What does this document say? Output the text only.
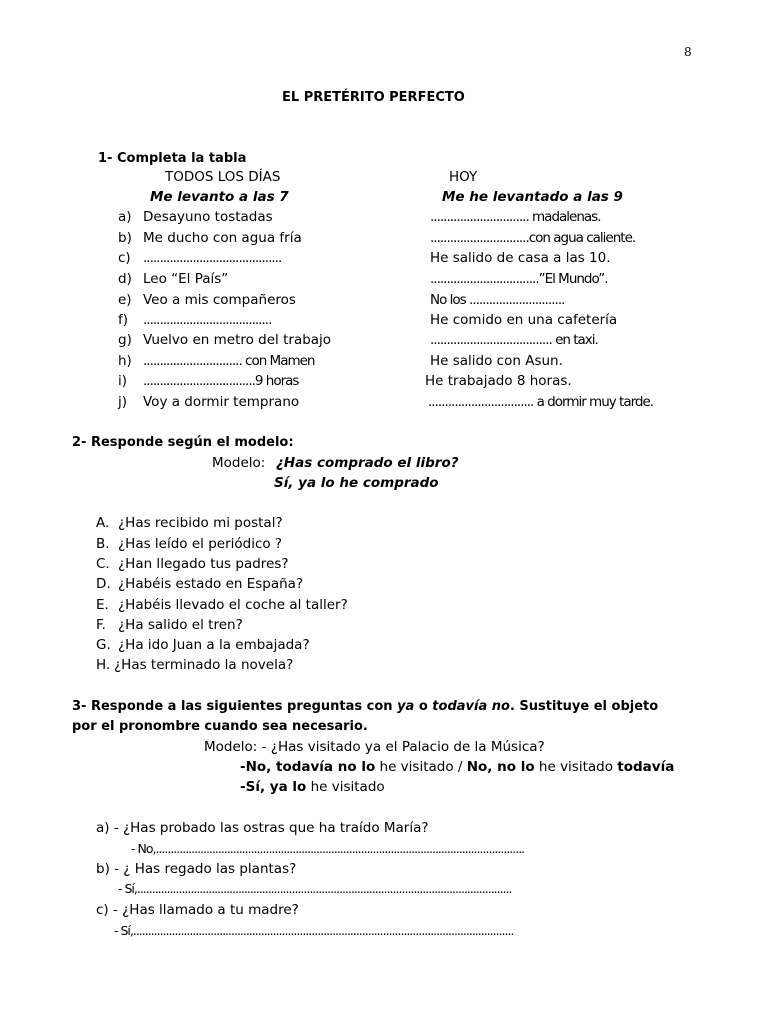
8
EL PRETÉRITO PERFECTO
1- Completa la tabla
TODOS LOS DÍAS	HOY
Me levanto a las 7	Me he levantado a las 9
a) Desayuno tostadas	.............................. madalenas.
b) Me ducho con agua fría	..............................con agua caliente.
c) ..........................................	He salido de casa a las 10.
d) Leo “El País”	.................................”El Mundo”.
e) Veo a mis compañeros	No los .............................
f) .......................................	He comido en una cafetería
g) Vuelvo en metro del trabajo	..................................... en taxi.
h) .............................. con Mamen	He salido con Asun.
i) ..................................9 horas	He trabajado 8 horas.
j) Voy a dormir temprano	................................ a dormir muy tarde.
2- Responde según el modelo:
Modelo: ¿Has comprado el libro?
Sí, ya lo he comprado
A. ¿Has recibido mi postal?
B. ¿Has leído el periódico ?
C. ¿Han llegado tus padres?
D. ¿Habéis estado en España?
E. ¿Habéis llevado el coche al taller?
F. ¿Ha salido el tren?
G. ¿Ha ido Juan a la embajada?
H. ¿Has terminado la novela?
3- Responde a las siguientes preguntas con ya o todavía no. Sustituye el objeto
por el pronombre cuando sea necesario.
Modelo: - ¿Has visitado ya el Palacio de la Música?
-No, todavía no lo he visitado / No, no lo he visitado todavía
-Sí, ya lo he visitado
a) - ¿Has probado las ostras que ha traído María?
- No,............................................................................................................................
b) - ¿ Has regado las plantas?
- Sí,..............................................................................................................................
c) - ¿Has llamado a tu madre?
- Sí,................................................................................................................................
